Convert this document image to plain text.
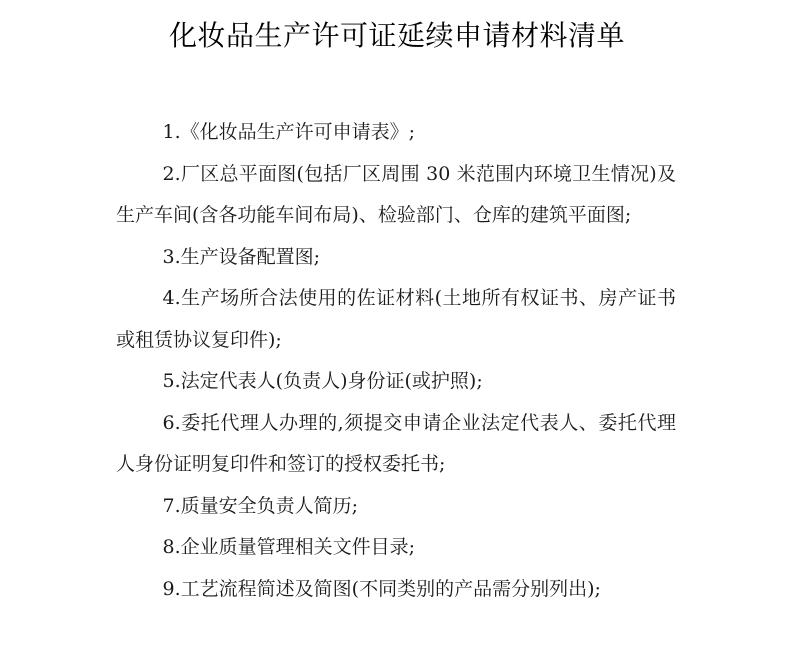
化妆品生产许可证延续申请材料清单

1.《化妆品生产许可申请表》;

2.厂区总平面图(包括厂区周围 30 米范围内环境卫生情况)及生产车间(含各功能车间布局)、检验部门、仓库的建筑平面图;

3.生产设备配置图;

4.生产场所合法使用的佐证材料(土地所有权证书、房产证书或租赁协议复印件);

5.法定代表人(负责人)身份证(或护照);

6.委托代理人办理的,须提交申请企业法定代表人、委托代理人身份证明复印件和签订的授权委托书;

7.质量安全负责人简历;

8.企业质量管理相关文件目录;

9.工艺流程简述及简图(不同类别的产品需分别列出);
